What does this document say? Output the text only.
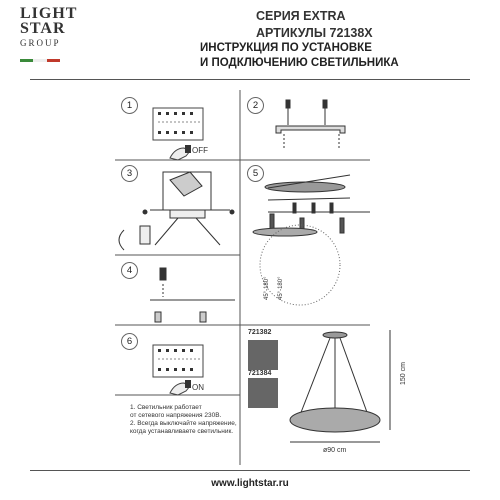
LIGHT
STAR
GROUP
СЕРИЯ EXTRA
АРТИКУЛЫ 72138X
ИНСТРУКЦИЯ ПО УСТАНОВКЕ
И ПОДКЛЮЧЕНИЮ СВЕТИЛЬНИКА
45°-180° 45°-180°
150 cm
ø90 cm
721382
721384
OFF
ON
1	2
3	5
4
6
1. Светильник работает
от сетевого напряжения 230В.
2. Всегда выключайте напряжение,
когда устанавливаете светильник.
www.lightstar.ru
